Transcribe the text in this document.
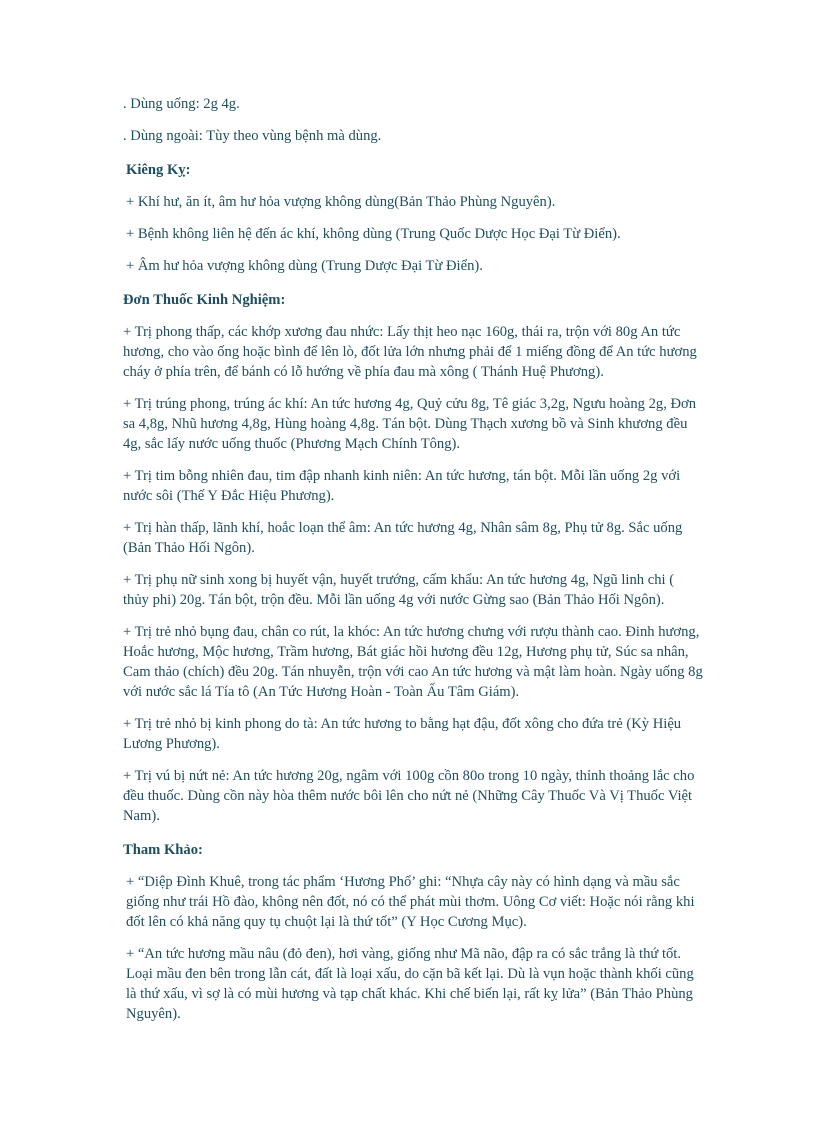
. Dùng uống: 2g 4g.

. Dùng ngoài: Tùy theo vùng bệnh mà dùng.

Kiêng Kỵ:

+ Khí hư, ăn ít, âm hư hỏa vượng không dùng(Bản Thảo Phùng Nguyên).

+ Bệnh không liên hệ đến ác khí, không dùng (Trung Quốc Dược Học Đại Từ Điển).

+ Âm hư hỏa vượng không dùng (Trung Dược Đại Từ Điển).

Đơn Thuốc Kinh Nghiệm:

+ Trị phong thấp, các khớp xương đau nhức: Lấy thịt heo nạc 160g, thái ra, trộn với 80g An tức hương, cho vào ống hoặc bình để lên lò, đốt lửa lớn nhưng phải để 1 miếng đồng để An tức hương cháy ở phía trên, để bánh có lỗ hướng về phía đau mà xông ( Thánh Huệ Phương).

+ Trị trúng phong, trúng ác khí: An tức hương 4g, Quỷ cửu 8g, Tê giác 3,2g, Ngưu hoàng 2g, Đơn sa 4,8g, Nhũ hương 4,8g, Hùng hoàng 4,8g. Tán bột. Dùng Thạch xương bồ và Sinh khương đều 4g, sắc lấy nước uống thuốc (Phương Mạch Chính Tông).

+ Trị tim bỗng nhiên đau, tim đập nhanh kinh niên: An tức hương, tán bột. Mỗi lần uống 2g với nước sôi (Thế Y Đắc Hiệu Phương).

+ Trị hàn thấp, lãnh khí, hoắc loạn thể âm: An tức hương 4g, Nhân sâm 8g, Phụ tử 8g. Sắc uống (Bản Thảo Hối Ngôn).

+ Trị phụ nữ sinh xong bị huyết vận, huyết trướng, cấm khẩu: An tức hương 4g, Ngũ linh chi ( thủy phi) 20g. Tán bột, trộn đều. Mỗi lần uống 4g với nước Gừng sao (Bản Thảo Hối Ngôn).

+ Trị trẻ nhỏ bụng đau, chân co rút, la khóc: An tức hương chưng với rượu thành cao. Đinh hương, Hoắc hương, Mộc hương, Trầm hương, Bát giác hồi hương đều 12g, Hương phụ tử, Súc sa nhân, Cam thảo (chích) đều 20g. Tán nhuyễn, trộn với cao An tức hương và mật làm hoàn. Ngày uống 8g với nước sắc lá Tía tô (An Tức Hương Hoàn - Toàn Ấu Tâm Giám).

+ Trị trẻ nhỏ bị kinh phong do tà: An tức hương to bằng hạt đậu, đốt xông cho đứa trẻ (Kỳ Hiệu Lương Phương).

+ Trị vú bị nứt nẻ: An tức hương 20g, ngâm với 100g cồn 80o trong 10 ngày, thỉnh thoảng lắc cho đều thuốc. Dùng cồn này hòa thêm nước bôi lên cho nứt nẻ (Những Cây Thuốc Và Vị Thuốc Việt Nam).

Tham Khảo:

+ “Diệp Đình Khuê, trong tác phẩm ‘Hương Phổ’ ghi: “Nhựa cây này có hình dạng và mầu sắc giống như trái Hồ đào, không nên đốt, nó có thể phát mùi thơm. Uông Cơ viết: Hoặc nói rằng khi đốt lên có khả năng quy tụ chuột lại là thứ tốt” (Y Học Cương Mục).

+ “An tức hương mầu nâu (đỏ đen), hơi vàng, giống như Mã não, đập ra có sắc trắng là thứ tốt. Loại mầu đen bên trong lẫn cát, đất là loại xấu, do cặn bã kết lại. Dù là vụn hoặc thành khối cũng là thứ xấu, vì sợ là có mùi hương và tạp chất khác. Khi chế biến lại, rất kỵ lửa” (Bản Thảo Phùng Nguyên).
